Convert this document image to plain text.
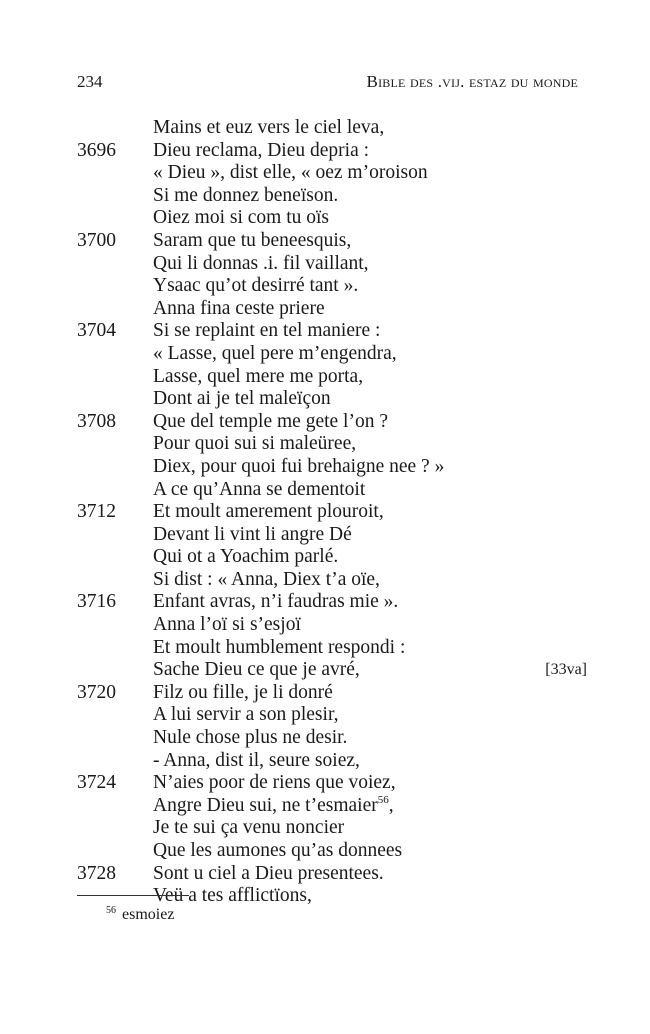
234	Bible des .vij. estaz du monde
Mains et euz vers le ciel leva,
3696 Dieu reclama, Dieu depria :
« Dieu », dist elle, « oez m’oroison
Si me donnez beneïson.
Oiez moi si com tu oïs
3700 Saram que tu beneesquis,
Qui li donnas .i. fil vaillant,
Ysaac qu’ot desirré tant ».
Anna fina ceste priere
3704 Si se replaint en tel maniere :
« Lasse, quel pere m’engendra,
Lasse, quel mere me porta,
Dont ai je tel maleïçon
3708 Que del temple me gete l’on ?
Pour quoi sui si maleüree,
Diex, pour quoi fui brehaigne nee ? »
A ce qu’Anna se dementoit
3712 Et moult amerement plouroit,
Devant li vint li angre Dé
Qui ot a Yoachim parlé.
Si dist : « Anna, Diex t’a oïe,
3716 Enfant avras, n’i faudras mie ».
Anna l’oï si s’esjoï
Et moult humblement respondi :
Sache Dieu ce que je avré,	[33va]
3720 Filz ou fille, je li donré
A lui servir a son plesir,
Nule chose plus ne desir.
- Anna, dist il, seure soiez,
3724 N’aies poor de riens que voiez,
Angre Dieu sui, ne t’esmaier$^{56}$,
Je te sui ça venu noncier
Que les aumones qu’as donnees
3728 Sont u ciel a Dieu presentees.
Veü a tes afflictïons,
$^{56}$ esmoiez
